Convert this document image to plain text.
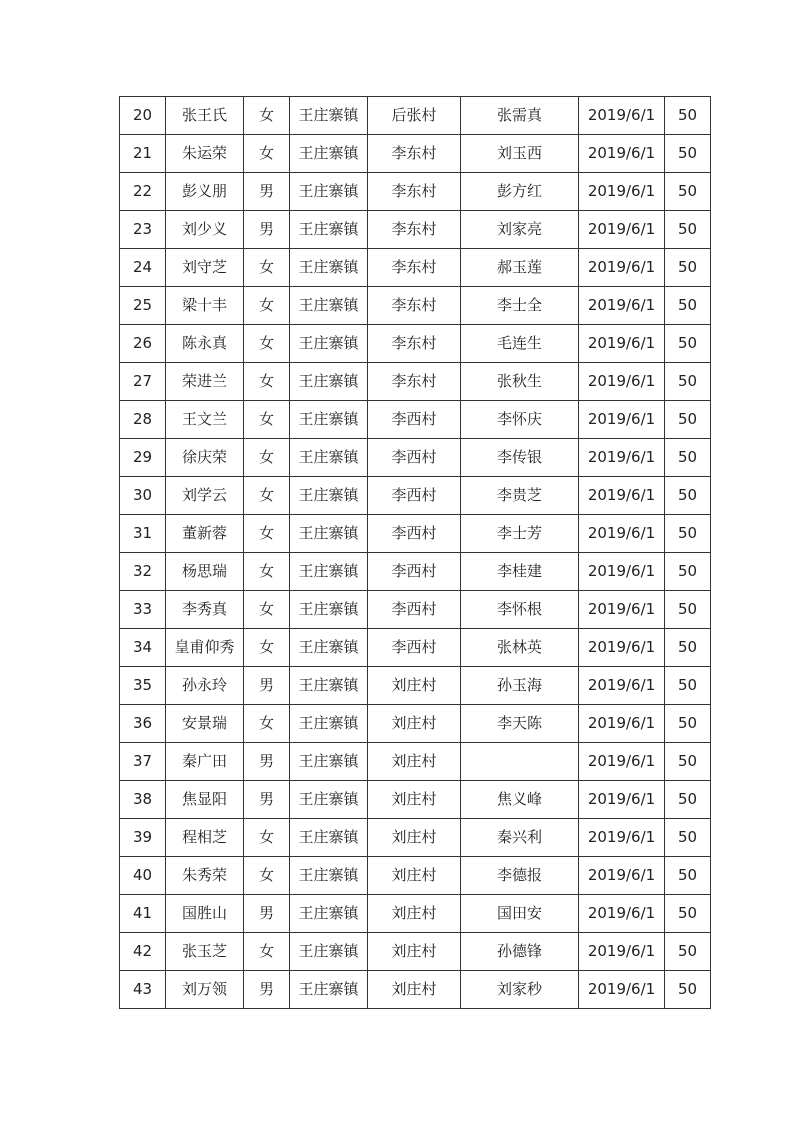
20	张王氏	女	王庄寨镇	后张村	张需真	2019/6/1	50
21	朱运荣	女	王庄寨镇	李东村	刘玉西	2019/6/1	50
22	彭义朋	男	王庄寨镇	李东村	彭方红	2019/6/1	50
23	刘少义	男	王庄寨镇	李东村	刘家亮	2019/6/1	50
24	刘守芝	女	王庄寨镇	李东村	郝玉莲	2019/6/1	50
25	梁十丰	女	王庄寨镇	李东村	李士全	2019/6/1	50
26	陈永真	女	王庄寨镇	李东村	毛连生	2019/6/1	50
27	荣进兰	女	王庄寨镇	李东村	张秋生	2019/6/1	50
28	王文兰	女	王庄寨镇	李西村	李怀庆	2019/6/1	50
29	徐庆荣	女	王庄寨镇	李西村	李传银	2019/6/1	50
30	刘学云	女	王庄寨镇	李西村	李贵芝	2019/6/1	50
31	董新蓉	女	王庄寨镇	李西村	李士芳	2019/6/1	50
32	杨思瑞	女	王庄寨镇	李西村	李桂建	2019/6/1	50
33	李秀真	女	王庄寨镇	李西村	李怀根	2019/6/1	50
34	皇甫仰秀	女	王庄寨镇	李西村	张林英	2019/6/1	50
35	孙永玲	男	王庄寨镇	刘庄村	孙玉海	2019/6/1	50
36	安景瑞	女	王庄寨镇	刘庄村	李天陈	2019/6/1	50
37	秦广田	男	王庄寨镇	刘庄村		2019/6/1	50
38	焦显阳	男	王庄寨镇	刘庄村	焦义峰	2019/6/1	50
39	程相芝	女	王庄寨镇	刘庄村	秦兴利	2019/6/1	50
40	朱秀荣	女	王庄寨镇	刘庄村	李德报	2019/6/1	50
41	国胜山	男	王庄寨镇	刘庄村	国田安	2019/6/1	50
42	张玉芝	女	王庄寨镇	刘庄村	孙德锋	2019/6/1	50
43	刘万领	男	王庄寨镇	刘庄村	刘家秒	2019/6/1	50
